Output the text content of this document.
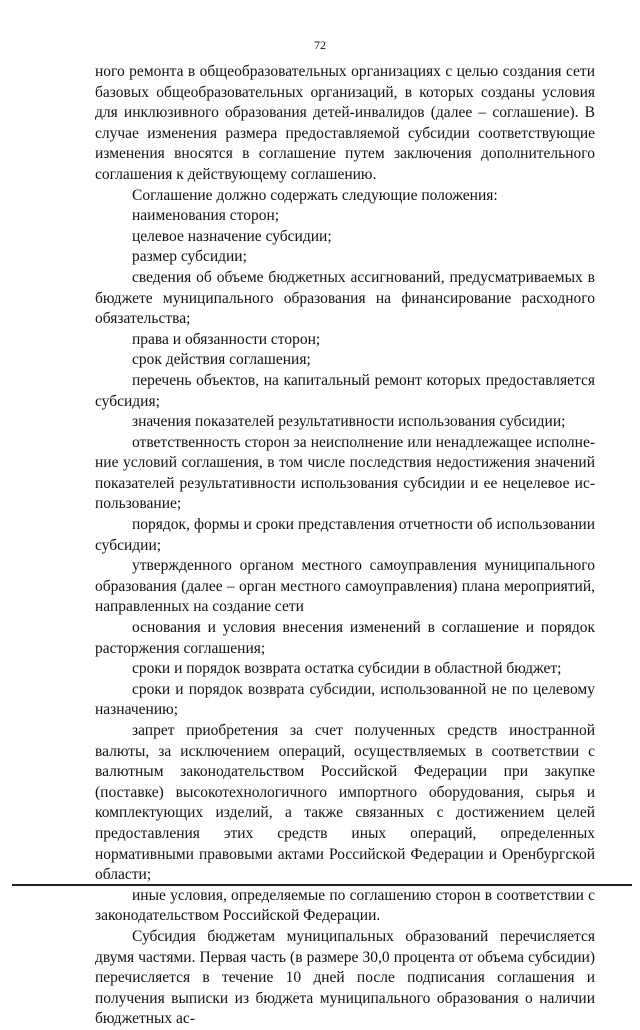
72

ного ремонта в общеобразовательных организациях с целью создания сети базовых общеобразовательных организаций, в которых созданы условия для инклюзивного образования детей-инвалидов (далее – соглашение). В случае изменения размера предоставляемой субсидии соответствующие изменения вносятся в соглашение путем заключения дополнительного соглашения к действующему соглашению.

Соглашение должно содержать следующие положения:

наименования сторон;

целевое назначение субсидии;

размер субсидии;

сведения об объеме бюджетных ассигнований, предусматриваемых в бюджете муниципального образования на финансирование расходного обязательства;

права и обязанности сторон;

срок действия соглашения;

перечень объектов, на капитальный ремонт которых предоставляется субсидия;

значения показателей результативности использования субсидии;

ответственность сторон за неисполнение или ненадлежащее исполнение условий соглашения, в том числе последствия недостижения значений показателей результативности использования субсидии и ее нецелевое использование;

порядок, формы и сроки представления отчетности об использовании субсидии;

утвержденного органом местного самоуправления муниципального образования (далее – орган местного самоуправления) плана мероприятий, направленных на создание сети

основания и условия внесения изменений в соглашение и порядок расторжения соглашения;

сроки и порядок возврата остатка субсидии в областной бюджет;

сроки и порядок возврата субсидии, использованной не по целевому назначению;

запрет приобретения за счет полученных средств иностранной валюты, за исключением операций, осуществляемых в соответствии с валютным законодательством Российской Федерации при закупке (поставке) высокотехнологичного импортного оборудования, сырья и комплектующих изделий, а также связанных с достижением целей предоставления этих средств иных операций, определенных нормативными правовыми актами Российской Федерации и Оренбургской области;

иные условия, определяемые по соглашению сторон в соответствии с законодательством Российской Федерации.

Субсидия бюджетам муниципальных образований перечисляется двумя частями. Первая часть (в размере 30,0 процента от объема субсидии) перечисляется в течение 10 дней после подписания соглашения и получения выписки из бюджета муниципального образования о наличии бюджетных ас-
